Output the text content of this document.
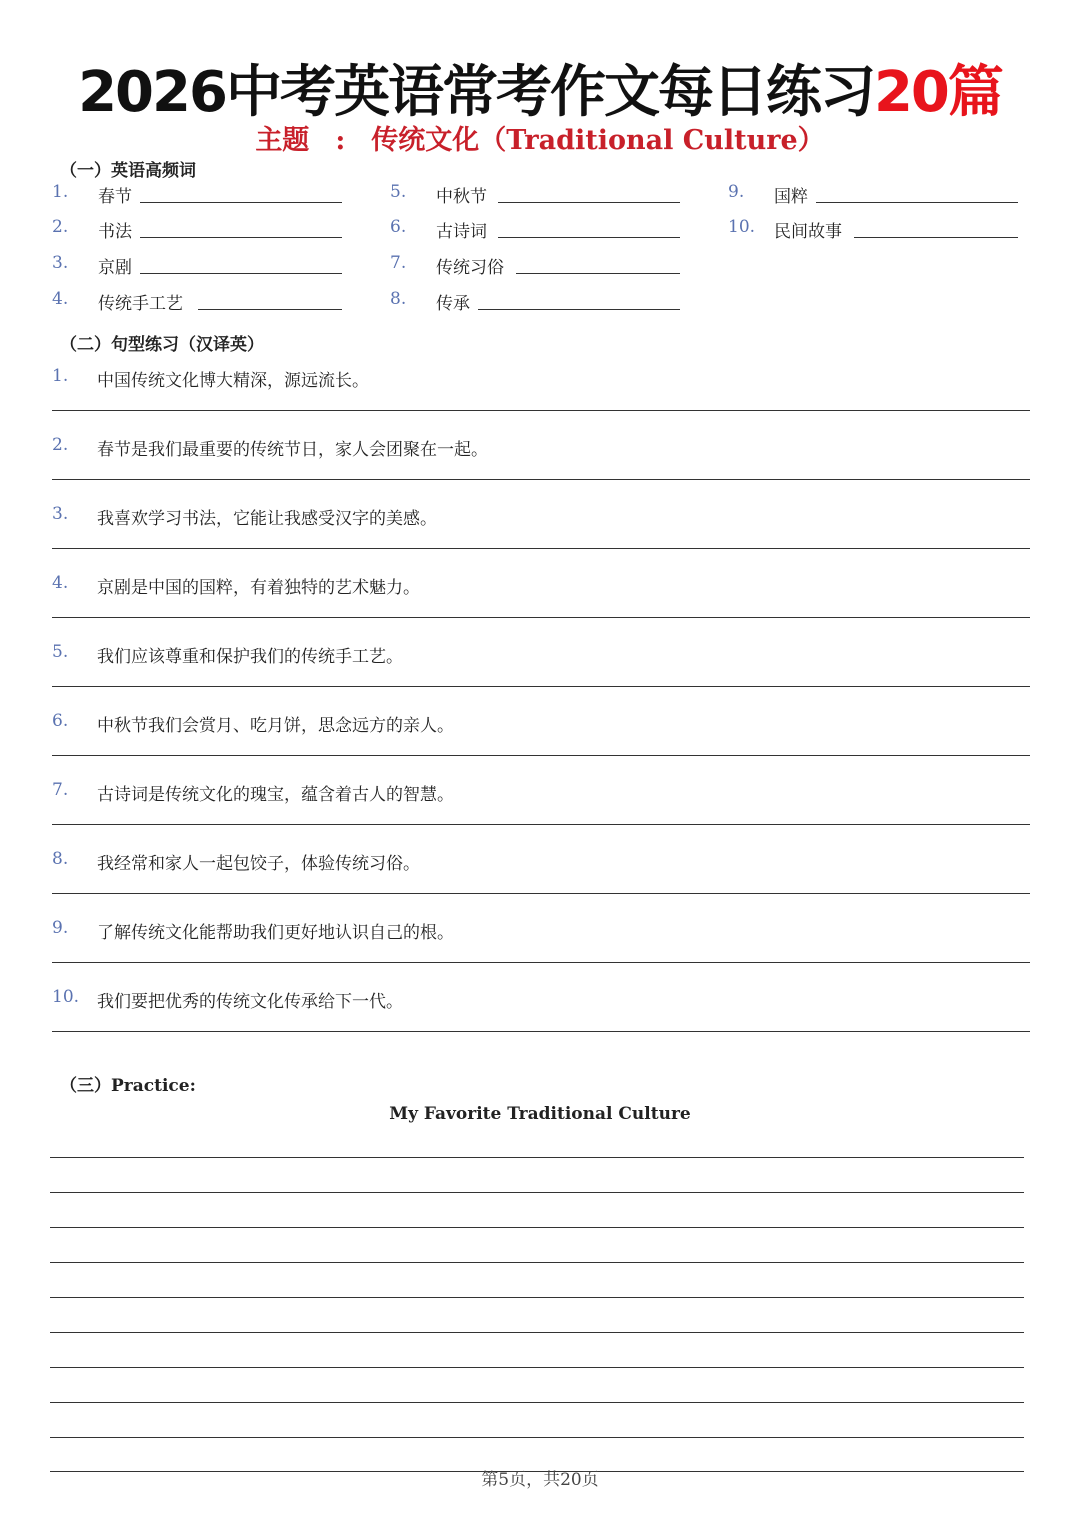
2026中考英语常考作文每日练习20篇
主题 : 传统文化（Traditional Culture）
（一）英语高频词
1. 春节
2. 书法
3. 京剧
4. 传统手工艺
5. 中秋节
6. 古诗词
7. 传统习俗
8. 传承
9. 国粹
10. 民间故事
（二）句型练习（汉译英）
1. 中国传统文化博大精深，源远流长。
2. 春节是我们最重要的传统节日，家人会团聚在一起。
3. 我喜欢学习书法，它能让我感受汉字的美感。
4. 京剧是中国的国粹，有着独特的艺术魅力。
5. 我们应该尊重和保护我们的传统手工艺。
6. 中秋节我们会赏月、吃月饼，思念远方的亲人。
7. 古诗词是传统文化的瑰宝，蕴含着古人的智慧。
8. 我经常和家人一起包饺子，体验传统习俗。
9. 了解传统文化能帮助我们更好地认识自己的根。
10. 我们要把优秀的传统文化传承给下一代。
（三）Practice:
My Favorite Traditional Culture
第5页，共20页
